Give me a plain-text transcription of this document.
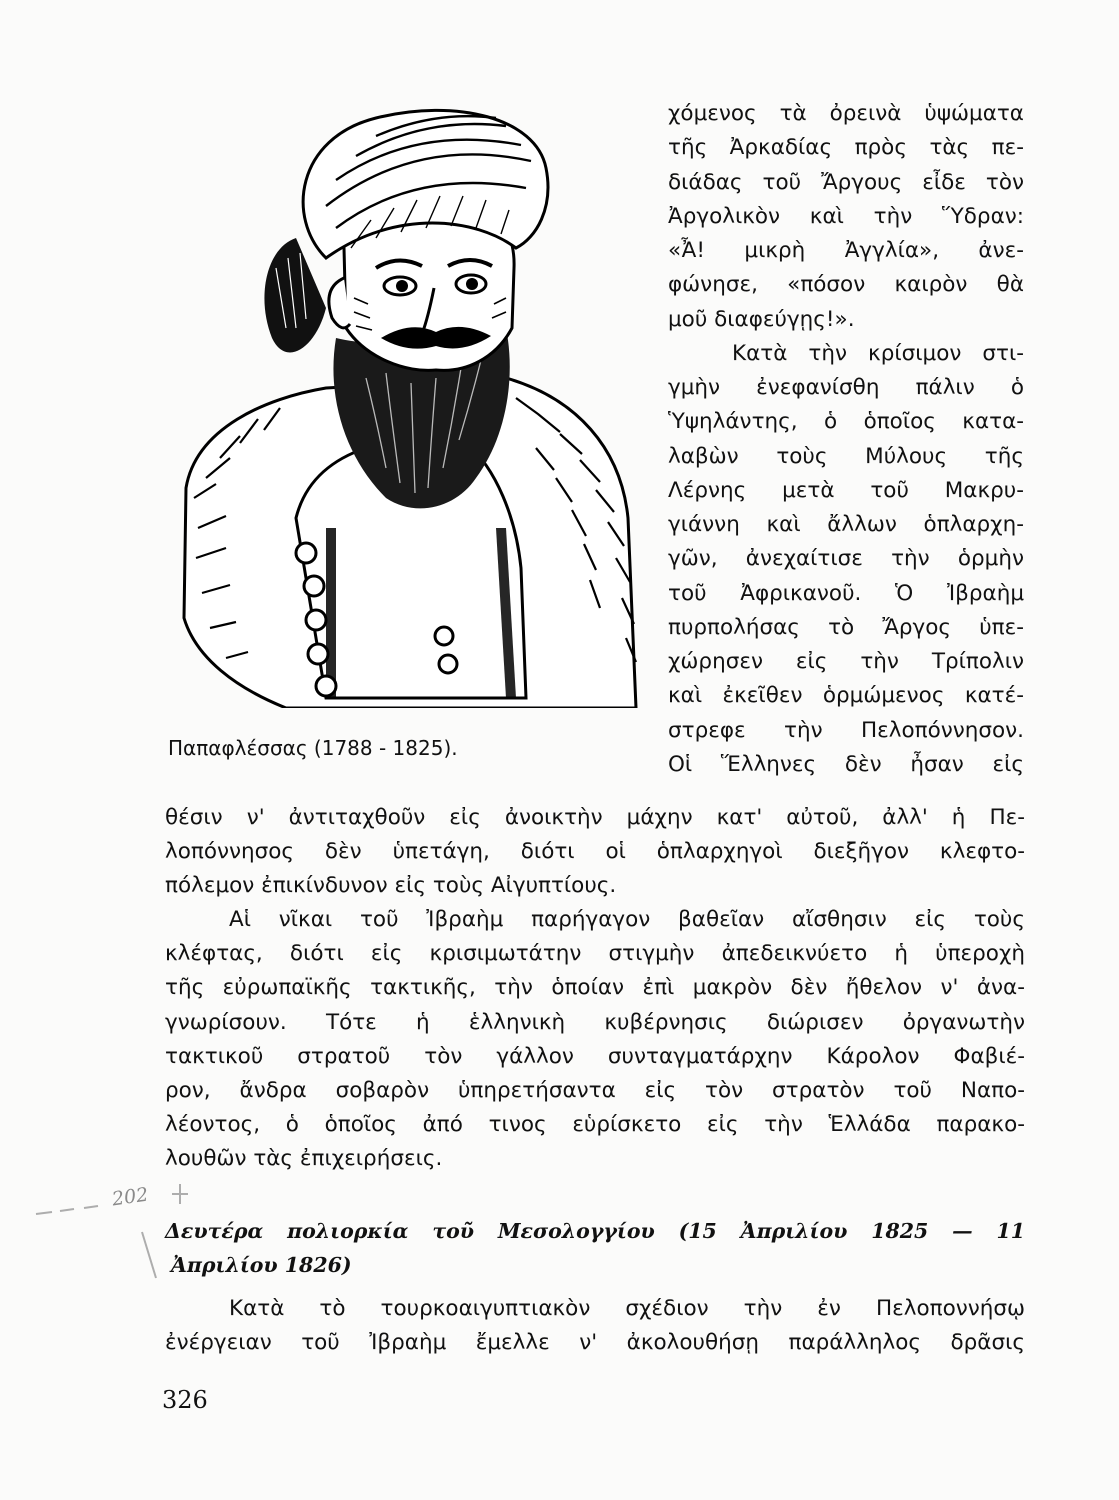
Παπαφλέσσας (1788 - 1825).
χόμενος τὰ ὀρεινὰ ὑψώματα
τῆς Ἀρκαδίας πρὸς τὰς πε-
διάδας τοῦ Ἄργους εἶδε τὸν
Ἀργολικὸν καὶ τὴν Ὕδραν:
«Ἆ! μικρὴ Ἀγγλία», ἀνε-
φώνησε, «πόσον καιρὸν θὰ
μοῦ διαφεύγῃς!».
Κατὰ τὴν κρίσιμον στι-
γμὴν ἐνεφανίσθη πάλιν ὁ
Ὑψηλάντης, ὁ ὁποῖος κατα-
λαβὼν τοὺς Μύλους τῆς
Λέρνης μετὰ τοῦ Μακρυ-
γιάννη καὶ ἄλλων ὁπλαρχη-
γῶν, ἀνεχαίτισε τὴν ὁρμὴν
τοῦ Ἀφρικανοῦ. Ὁ Ἰβραὴμ
πυρπολήσας τὸ Ἄργος ὑπε-
χώρησεν εἰς τὴν Τρίπολιν
καὶ ἐκεῖθεν ὁρμώμενος κατέ-
στρεφε τὴν Πελοπόννησον.
Οἱ Ἕλληνες δὲν ἦσαν εἰς
θέσιν ν' ἀντιταχθοῦν εἰς ἀνοικτὴν μάχην κατ' αὐτοῦ, ἀλλ' ἡ Πε-
λοπόννησος δὲν ὑπετάγη, διότι οἱ ὁπλαρχηγοὶ διεξῆγον κλεφτο-
πόλεμον ἐπικίνδυνον εἰς τοὺς Αἰγυπτίους.
Αἱ νῖκαι τοῦ Ἰβραὴμ παρήγαγον βαθεῖαν αἴσθησιν εἰς τοὺς
κλέφτας, διότι εἰς κρισιμωτάτην στιγμὴν ἀπεδεικνύετο ἡ ὑπεροχὴ
τῆς εὐρωπαϊκῆς τακτικῆς, τὴν ὁποίαν ἐπὶ μακρὸν δὲν ἤθελον ν' ἀνα-
γνωρίσουν. Τότε ἡ ἑλληνικὴ κυβέρνησις διώρισεν ὀργανωτὴν
τακτικοῦ στρατοῦ τὸν γάλλον συνταγματάρχην Κάρολον Φαβιέ-
ρον, ἄνδρα σοβαρὸν ὑπηρετήσαντα εἰς τὸν στρατὸν τοῦ Ναπο-
λέοντος, ὁ ὁποῖος ἀπό τινος εὑρίσκετο εἰς τὴν Ἑλλάδα παρακο-
λουθῶν τὰς ἐπιχειρήσεις.
Δευτέρα πολιορκία τοῦ Μεσολογγίου (15 Ἀπριλίου 1825 — 11
Ἀπριλίου 1826)
Κατὰ τὸ τουρκοαιγυπτιακὸν σχέδιον τὴν ἐν Πελοποννήσῳ
ἐνέργειαν τοῦ Ἰβραὴμ ἔμελλε ν' ἀκολουθήσῃ παράλληλος δρᾶσις
326
202
